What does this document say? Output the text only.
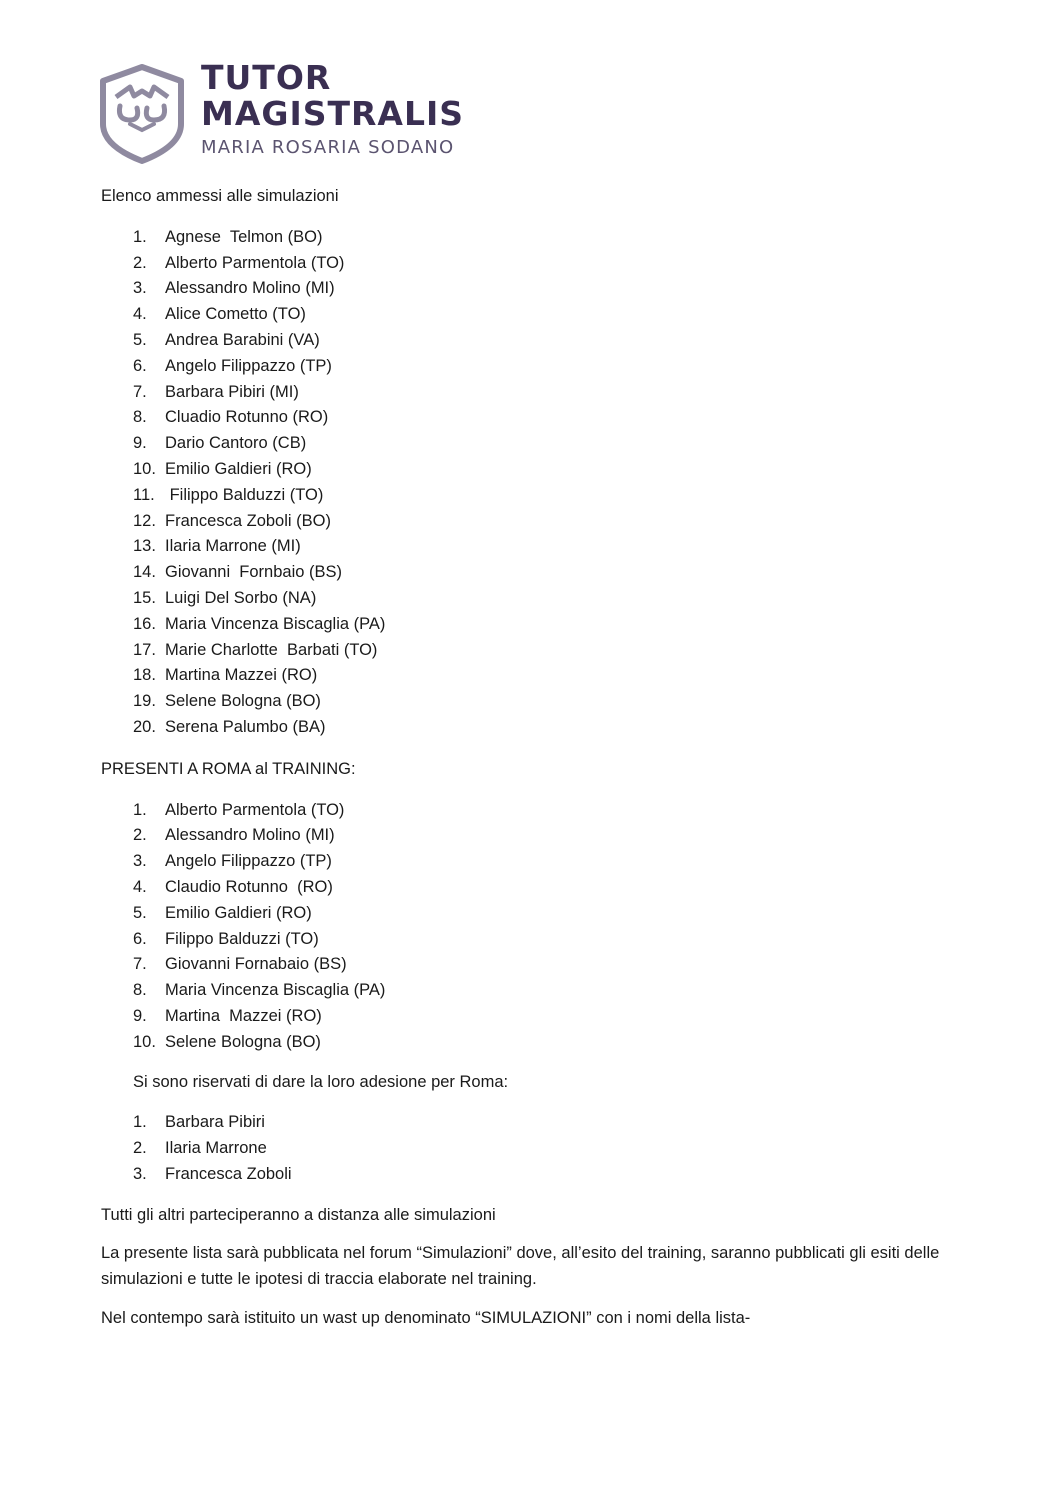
TUTOR
MAGISTRALIS
MARIA ROSARIA SODANO

Elenco ammessi alle simulazioni

1.	Agnese  Telmon (BO)
2.	Alberto Parmentola (TO)
3.	Alessandro Molino (MI)
4.	Alice Cometto (TO)
5.	Andrea Barabini (VA)
6.	Angelo Filippazzo (TP)
7.	Barbara Pibiri (MI)
8.	Cluadio Rotunno (RO)
9.	Dario Cantoro (CB)
10. Emilio Galdieri (RO)
11. Filippo Balduzzi (TO)
12. Francesca Zoboli (BO)
13. Ilaria Marrone (MI)
14. Giovanni  Fornbaio (BS)
15. Luigi Del Sorbo (NA)
16. Maria Vincenza Biscaglia (PA)
17. Marie Charlotte  Barbati (TO)
18. Martina Mazzei (RO)
19. Selene Bologna (BO)
20. Serena Palumbo (BA)

PRESENTI A ROMA al TRAINING:

1.	Alberto Parmentola (TO)
2.	Alessandro Molino (MI)
3.	Angelo Filippazzo (TP)
4.	Claudio Rotunno  (RO)
5.	Emilio Galdieri (RO)
6.	Filippo Balduzzi (TO)
7.	Giovanni Fornabaio (BS)
8.	Maria Vincenza Biscaglia (PA)
9.	Martina  Mazzei (RO)
10. Selene Bologna (BO)

Si sono riservati di dare la loro adesione per Roma:

1.	Barbara Pibiri
2.	Ilaria Marrone
3.	Francesca Zoboli

Tutti gli altri parteciperanno a distanza alle simulazioni

La presente lista sarà pubblicata nel forum “Simulazioni” dove, all’esito del training, saranno pubblicati gli esiti delle simulazioni e tutte le ipotesi di traccia elaborate nel training.

Nel contempo sarà istituito un wast up denominato “SIMULAZIONI” con i nomi della lista-
